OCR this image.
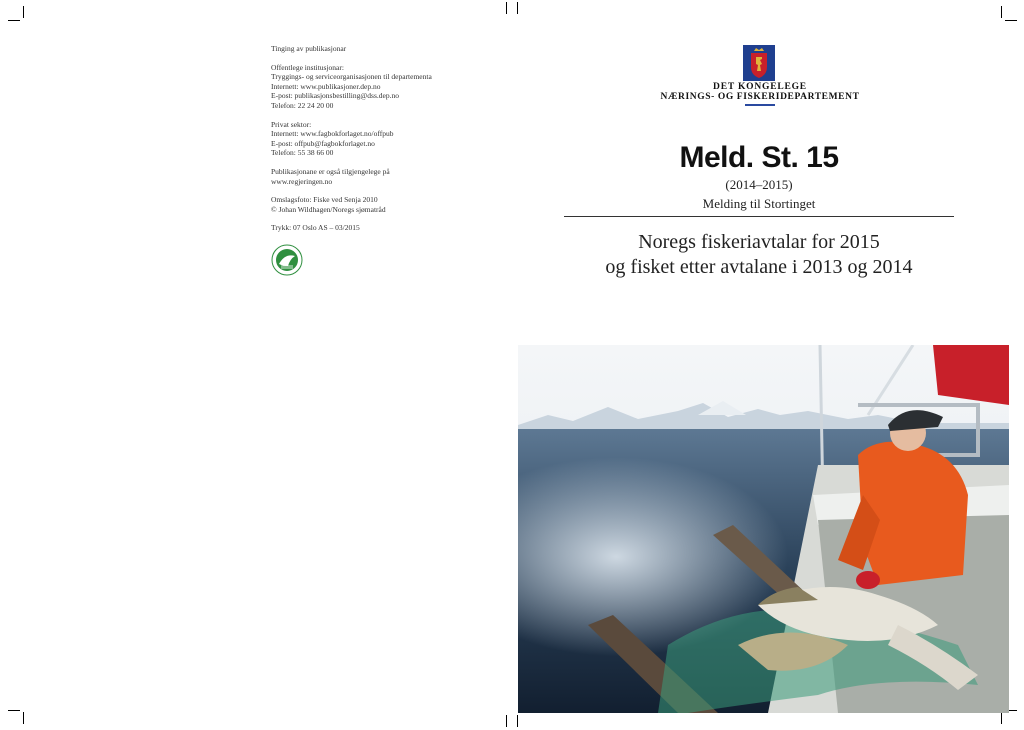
Tinging av publikasjonar
Offentlege institusjonar:
Tryggings- og serviceorganisasjonen til departementa
Internett: www.publikasjoner.dep.no
E-post: publikasjonsbestilling@dss.dep.no
Telefon: 22 24 20 00
Privat sektor:
Internett: www.fagbokforlaget.no/offpub
E-post: offpub@fagbokforlaget.no
Telefon: 55 38 66 00
Publikasjonane er også tilgjengelege på
www.regjeringen.no
Omslagsfoto: Fiske ved Senja 2010
© Johan Wildhagen/Noregs sjømatråd
Trykk: 07 Oslo AS – 03/2015
DET KONGELEGE
NÆRINGS- OG FISKERIDEPARTEMENT
Meld. St. 15
(2014–2015)
Melding til Stortinget
Noregs fiskeriavtalar for 2015
og fisket etter avtalane i 2013 og 2014
